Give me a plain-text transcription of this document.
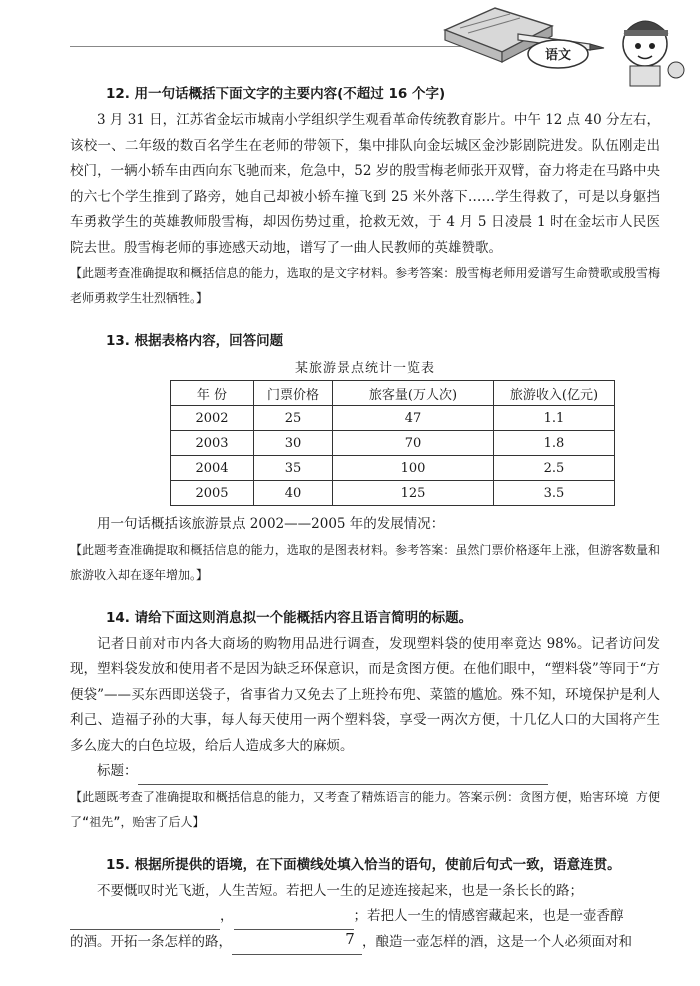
语文
12. 用一句话概括下面文字的主要内容(不超过 16 个字)

3 月 31 日，江苏省金坛市城南小学组织学生观看革命传统教育影片。中午 12 点 40 分左右，该校一、二年级的数百名学生在老师的带领下，集中排队向金坛城区金沙影剧院进发。队伍刚走出校门，一辆小轿车由西向东飞驰而来，危急中，52 岁的殷雪梅老师张开双臂，奋力将走在马路中央的六七个学生推到了路旁，她自己却被小轿车撞飞到 25 米外落下……学生得救了，可是以身躯挡车勇救学生的英雄教师殷雪梅，却因伤势过重，抢救无效，于 4 月 5 日凌晨 1 时在金坛市人民医院去世。殷雪梅老师的事迹感天动地，谱写了一曲人民教师的英雄赞歌。

【此题考查准确提取和概括信息的能力，选取的是文字材料。参考答案：殷雪梅老师用爱谱写生命赞歌或殷雪梅老师勇救学生壮烈牺牲。】

13. 根据表格内容，回答问题
某旅游景点统计一览表
年 份	门票价格	旅客量(万人次)	旅游收入(亿元)
2002	25	47	1.1
2003	30	70	1.8
2004	35	100	2.5
2005	40	125	3.5

用一句话概括该旅游景点 2002——2005 年的发展情况：

【此题考查准确提取和概括信息的能力，选取的是图表材料。参考答案：虽然门票价格逐年上涨，但游客数量和旅游收入却在逐年增加。】

14. 请给下面这则消息拟一个能概括内容且语言简明的标题。

记者日前对市内各大商场的购物用品进行调查，发现塑料袋的使用率竟达 98%。记者访问发现，塑料袋发放和使用者不是因为缺乏环保意识，而是贪图方便。在他们眼中，“塑料袋”等同于“方便袋”——买东西即送袋子，省事省力又免去了上班拎布兜、菜篮的尴尬。殊不知，环境保护是利人利己、造福子孙的大事，每人每天使用一两个塑料袋，享受一两次方便，十几亿人口的大国将产生多么庞大的白色垃圾，给后人造成多大的麻烦。

标题：

【此题既考查了准确提取和概括信息的能力，又考查了精炼语言的能力。答案示例：贪图方便，贻害环境 方便了“祖先”，贻害了后人】

15. 根据所提供的语境，在下面横线处填入恰当的语句，使前后句式一致，语意连贯。

不要慨叹时光飞逝，人生苦短。若把人一生的足迹连接起来，也是一条长长的路；

，	；若把人一生的情感窖藏起来，也是一壶香醇

的酒。开拓一条怎样的路，	，酿造一壶怎样的酒，这是一个人必须面对和

7
